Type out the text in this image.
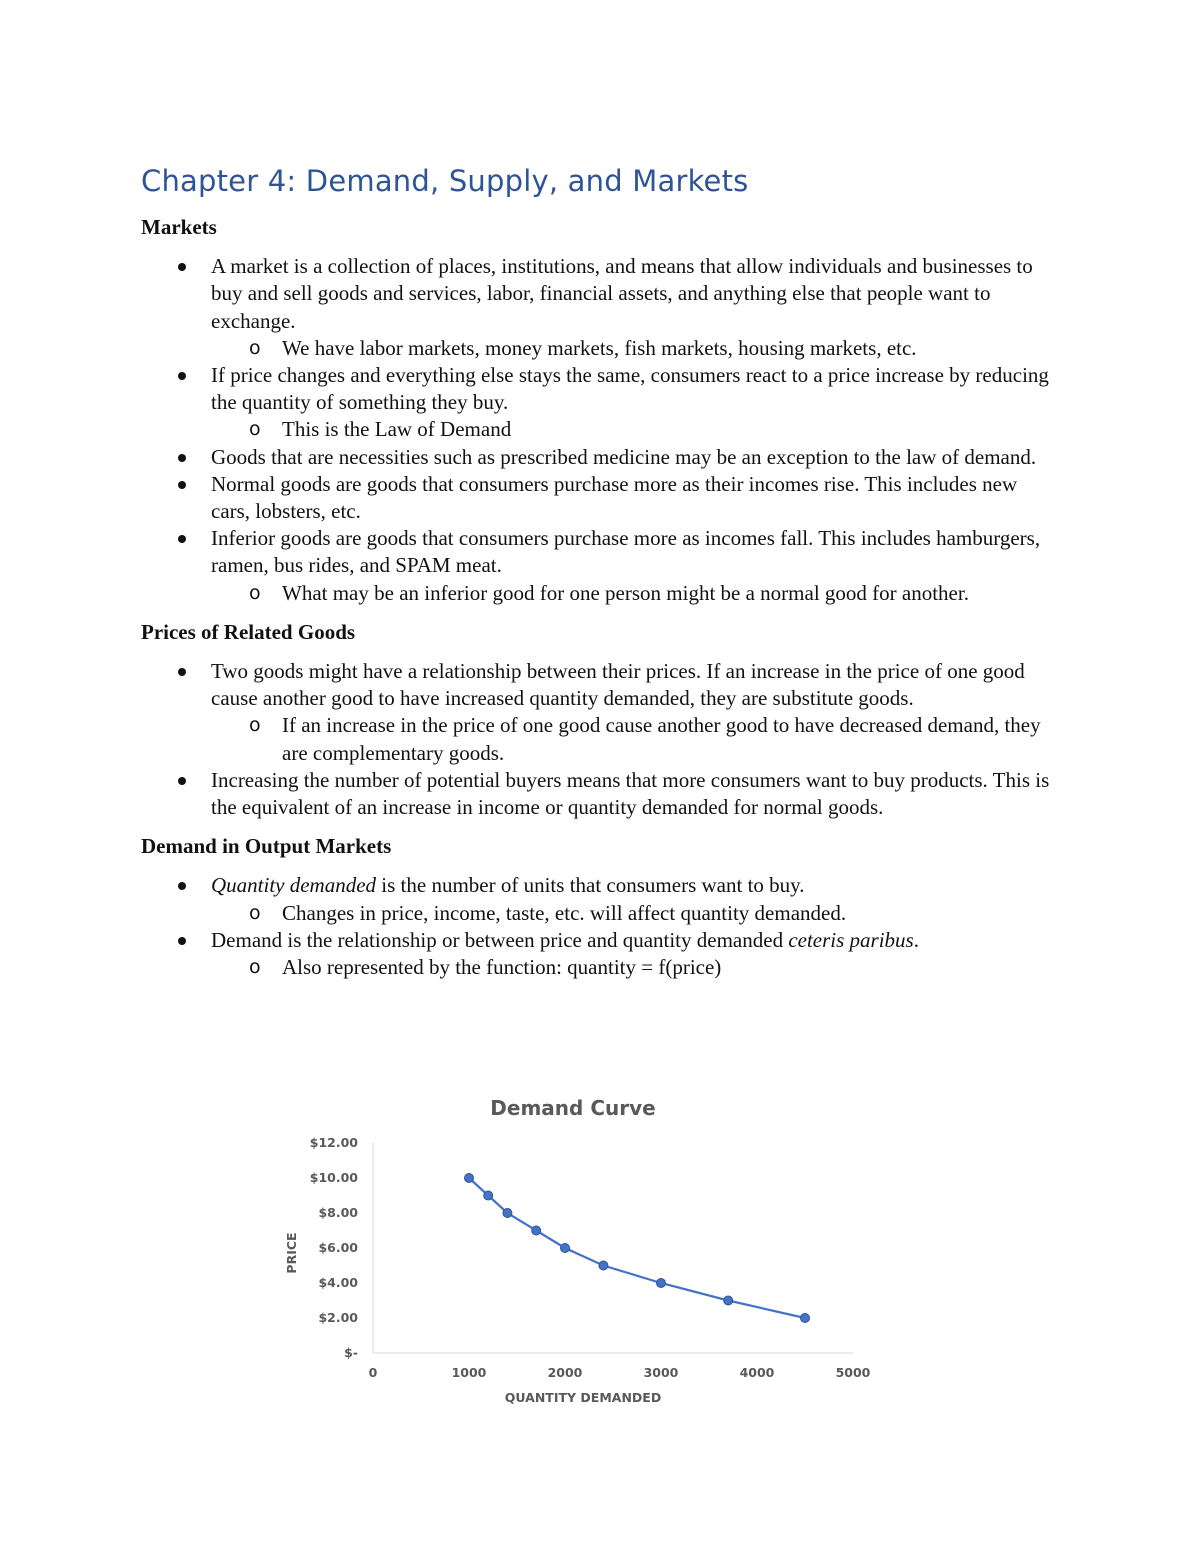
Chapter 4: Demand, Supply, and Markets
Markets
A market is a collection of places, institutions, and means that allow individuals and businesses to buy and sell goods and services, labor, financial assets, and anything else that people want to exchange.
o We have labor markets, money markets, fish markets, housing markets, etc.
If price changes and everything else stays the same, consumers react to a price increase by reducing the quantity of something they buy.
o This is the Law of Demand
Goods that are necessities such as prescribed medicine may be an exception to the law of demand.
Normal goods are goods that consumers purchase more as their incomes rise. This includes new cars, lobsters, etc.
Inferior goods are goods that consumers purchase more as incomes fall. This includes hamburgers, ramen, bus rides, and SPAM meat.
o What may be an inferior good for one person might be a normal good for another.
Prices of Related Goods
Two goods might have a relationship between their prices. If an increase in the price of one good cause another good to have increased quantity demanded, they are substitute goods.
o If an increase in the price of one good cause another good to have decreased demand, they are complementary goods.
Increasing the number of potential buyers means that more consumers want to buy products. This is the equivalent of an increase in income or quantity demanded for normal goods.
Demand in Output Markets
Quantity demanded is the number of units that consumers want to buy.
o Changes in price, income, taste, etc. will affect quantity demanded.
Demand is the relationship or between price and quantity demanded ceteris paribus.
o Also represented by the function: quantity = f(price)
Demand Curve
$-
$2.00
$4.00
$6.00
$8.00
$10.00
$12.00
0	1000	2000	3000	4000	5000
QUANTITY DEMANDED
PRICE
